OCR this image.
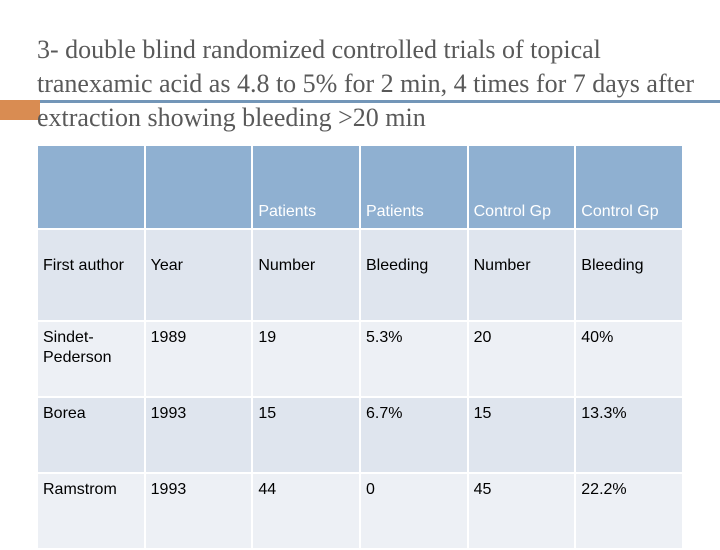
3- double blind randomized controlled trials of topical tranexamic acid as 4.8 to 5% for 2 min, 4 times for 7 days after extraction showing bleeding >20 min
		Patients	Patients	Control Gp	Control Gp
First author	Year	Number	Bleeding	Number	Bleeding
Sindet-Pederson	1989	19	5.3%	20	40%
Borea	1993	15	6.7%	15	13.3%
Ramstrom	1993	44	0	45	22.2%
